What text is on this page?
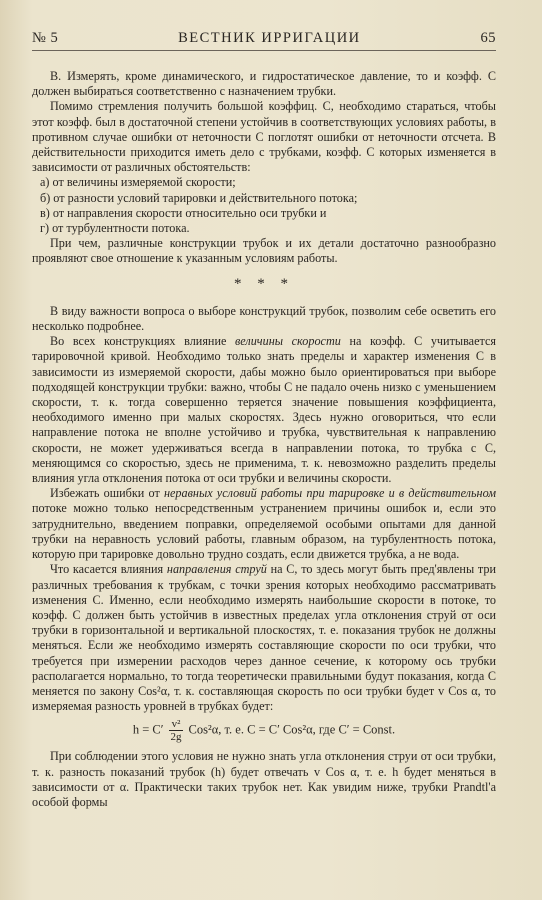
№ 5	ВЕСТНИК ИРРИГАЦИИ	65

В. Измерять, кроме динамического, и гидростатическое давление, то и коэфф. С должен выбираться соответственно с назначением трубки.

Помимо стремления получить большой коэффиц. С, необходимо стараться, чтобы этот коэфф. был в достаточной степени устойчив в соответствующих условиях работы, в противном случае ошибки от неточности С поглотят ошибки от неточности отсчета. В действительности приходится иметь дело с трубками, коэфф. С которых изменяется в зависимости от различных обстоятельств:

а) от величины измеряемой скорости;

б) от разности условий тарировки и действительного потока;

в) от направления скорости относительно оси трубки и

г) от турбулентности потока.

При чем, различные конструкции трубок и их детали достаточно разнообразно проявляют свое отношение к указанным условиям работы.

* * *

В виду важности вопроса о выборе конструкций трубок, позволим себе осветить его несколько подробнее.

Во всех конструкциях влияние величины скорости на коэфф. С учитывается тарировочной кривой. Необходимо только знать пределы и характер изменения С в зависимости из измеряемой скорости, дабы можно было ориентироваться при выборе подходящей конструкции трубки: важно, чтобы С не падало очень низко с уменьшением скорости, т. к. тогда совершенно теряется значение повышения коэффициента, необходимого именно при малых скоростях. Здесь нужно оговориться, что если направление потока не вполне устойчиво и трубка, чувствительная к направлению скорости, не может удерживаться всегда в направлении потока, то трубка с С, меняющимся со скоростью, здесь не применима, т. к. невозможно разделить пределы влияния угла отклонения потока от оси трубки и величины скорости.

Избежать ошибки от неравных условий работы при тарировке и в действительном потоке можно только непосредственным устранением причины ошибок и, если это затруднительно, введением поправки, определяемой особыми опытами для данной трубки на неравность условий работы, главным образом, на турбулентность потока, которую при тарировке довольно трудно создать, если движется трубка, а не вода.

Что касается влияния направления струй на С, то здесь могут быть пред'явлены три различных требования к трубкам, с точки зрения которых необходимо рассматривать изменения С. Именно, если необходимо измерять наибольшие скорости в потоке, то коэфф. С должен быть устойчив в известных пределах угла отклонения струй от оси трубки в горизонтальной и вертикальной плоскостях, т. е. показания трубок не должны меняться. Если же необходимо измерять составляющие скорости по оси трубки, что требуется при измерении расходов через данное сечение, к которому ось трубки располагается нормально, то тогда теоретически правильными будут показания, когда С меняется по закону Cos²α, т. к. составляющая скорость по оси трубки будет v Cos α, то измеряемая разность уровней в трубках будет:

$h = C' \frac{\text{v²}}{2g} Cos^2\alpha$, т. е. C = C′ Cos²α, где C′ = Const.

При соблюдении этого условия не нужно знать угла отклонения струи от оси трубки, т. к. разность показаний трубок (h) будет отвечать v Cos α, т. е. h будет меняться в зависимости от α. Практически таких трубок нет. Как увидим ниже, трубки Prandtl'а особой формы
